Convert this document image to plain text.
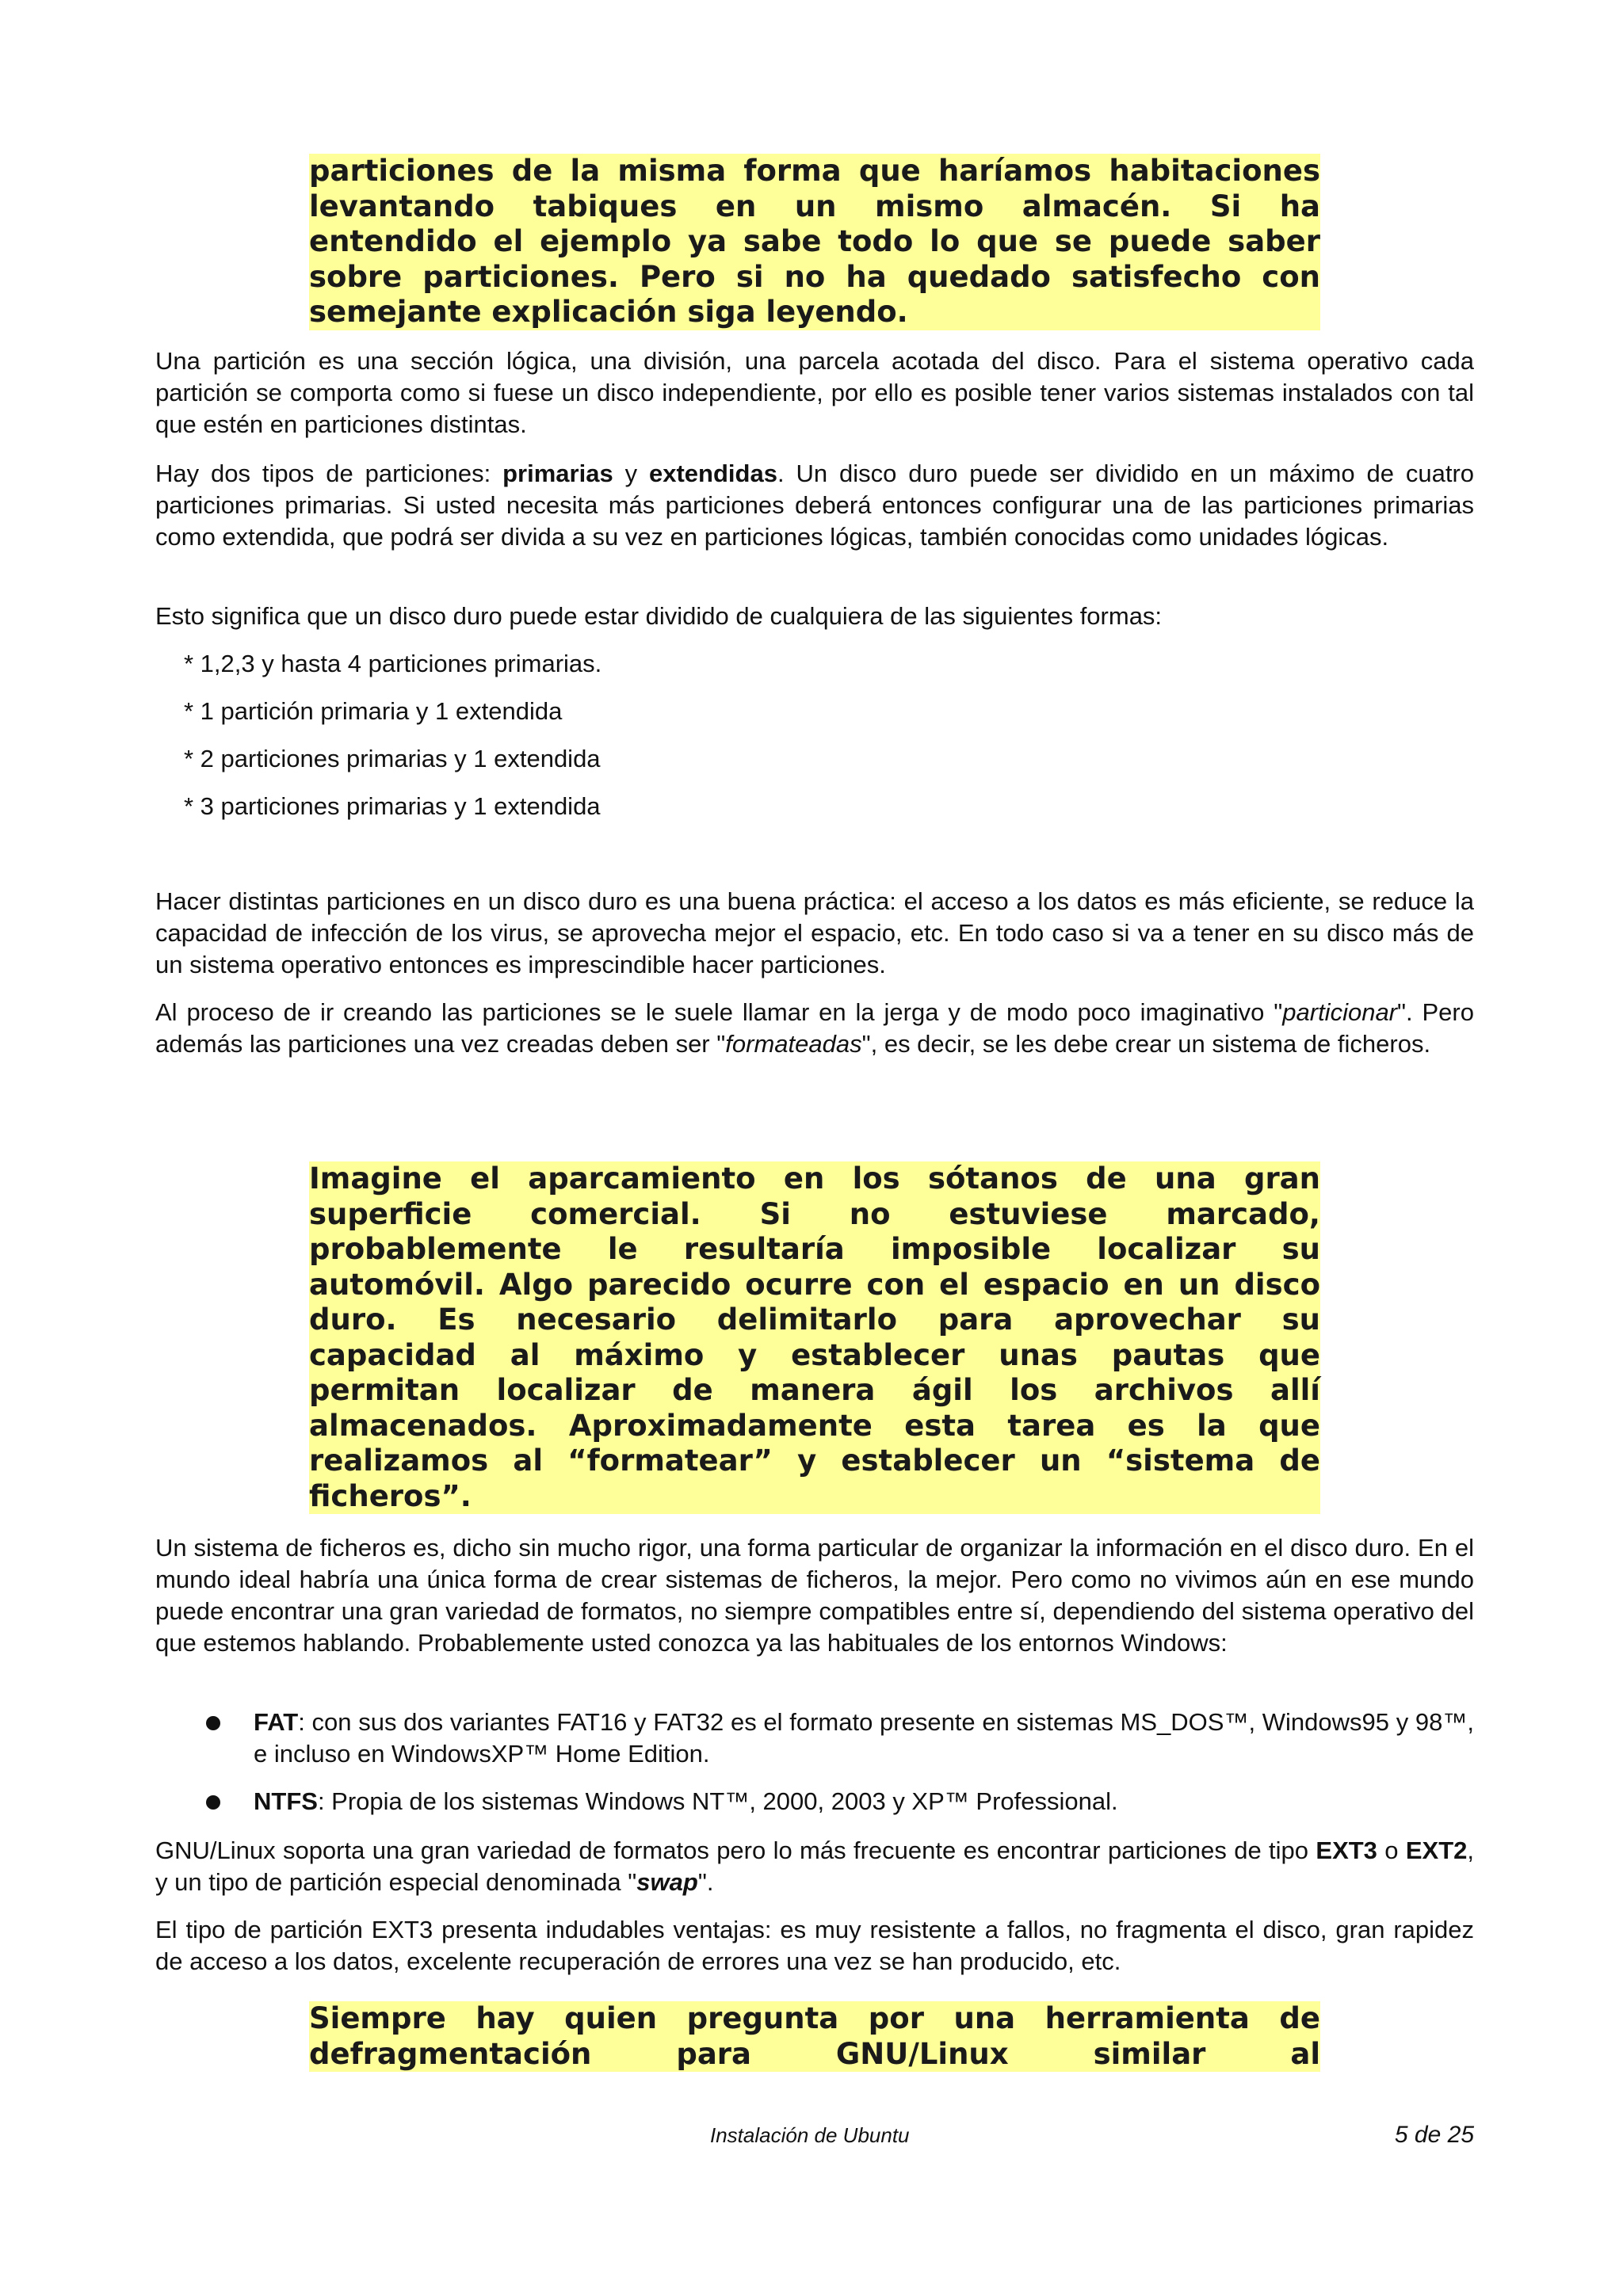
particiones de la misma forma que haríamos habitaciones

levantando tabiques en un mismo almacén. Si ha

entendido el ejemplo ya sabe todo lo que se puede saber

sobre particiones. Pero si no ha quedado satisfecho con

semejante explicación siga leyendo.

Una partición es una sección lógica, una división, una parcela acotada del disco. Para el sistema operativo cada partición se comporta como si fuese un disco independiente, por ello es posible tener varios sistemas instalados con tal que estén en particiones distintas.

Hay dos tipos de particiones: primarias y extendidas. Un disco duro puede ser dividido en un máximo de cuatro particiones primarias. Si usted necesita más particiones deberá entonces configurar una de las particiones primarias como extendida, que podrá ser divida a su vez en particiones lógicas, también conocidas como unidades lógicas.

Esto significa que un disco duro puede estar dividido de cualquiera de las siguientes formas:

* 1,2,3 y hasta 4 particiones primarias.
* 1 partición primaria y 1 extendida
* 2 particiones primarias y 1 extendida
* 3 particiones primarias y 1 extendida

Hacer distintas particiones en un disco duro es una buena práctica: el acceso a los datos es más eficiente, se reduce la capacidad de infección de los virus, se aprovecha mejor el espacio, etc. En todo caso si va a tener en su disco más de un sistema operativo entonces es imprescindible hacer particiones.

Al proceso de ir creando las particiones se le suele llamar en la jerga y de modo poco imaginativo "particionar". Pero además las particiones una vez creadas deben ser "formateadas", es decir, se les debe crear un sistema de ficheros.

Imagine el aparcamiento en los sótanos de una gran

superficie comercial. Si no estuviese marcado,

probablemente le resultaría imposible localizar su

automóvil. Algo parecido ocurre con el espacio en un disco

duro. Es necesario delimitarlo para aprovechar su

capacidad al máximo y establecer unas pautas que

permitan localizar de manera ágil los archivos allí

almacenados. Aproximadamente esta tarea es la que

realizamos al “formatear” y establecer un “sistema de

ficheros”.

Un sistema de ficheros es, dicho sin mucho rigor, una forma particular de organizar la información en el disco duro. En el mundo ideal habría una única forma de crear sistemas de ficheros, la mejor. Pero como no vivimos aún en ese mundo puede encontrar una gran variedad de formatos, no siempre compatibles entre sí, dependiendo del sistema operativo del que estemos hablando. Probablemente usted conozca ya las habituales de los entornos Windows:

FAT: con sus dos variantes FAT16 y FAT32 es el formato presente en sistemas MS_DOS™, Windows95 y 98™, e incluso en WindowsXP™ Home Edition.
NTFS: Propia de los sistemas Windows NT™, 2000, 2003 y XP™ Professional.

GNU/Linux soporta una gran variedad de formatos pero lo más frecuente es encontrar particiones de tipo EXT3 o EXT2, y un tipo de partición especial denominada "swap".

El tipo de partición EXT3 presenta indudables ventajas: es muy resistente a fallos, no fragmenta el disco, gran rapidez de acceso a los datos, excelente recuperación de errores una vez se han producido, etc.

Siempre hay quien pregunta por una herramienta de

defragmentación para GNU/Linux similar al

Instalación de Ubuntu	5 de 25
